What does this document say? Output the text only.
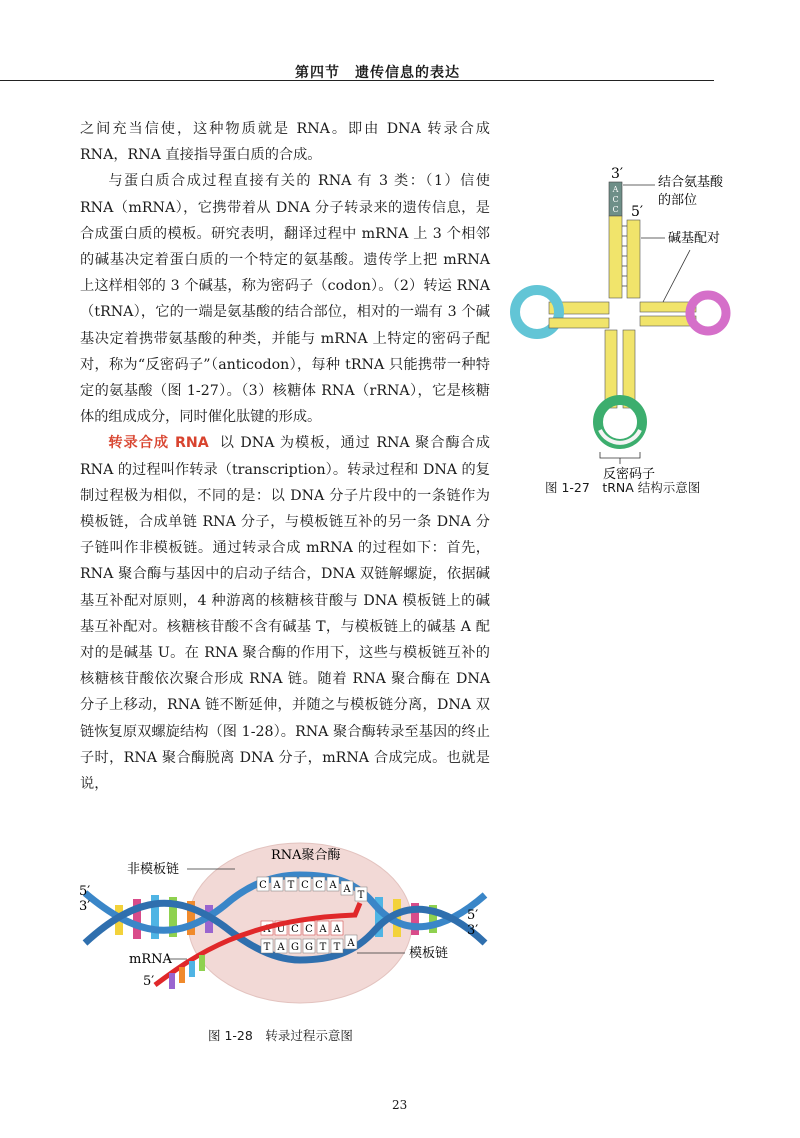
第四节　遗传信息的表达

之间充当信使，这种物质就是 RNA。即由 DNA 转录合成 RNA，RNA 直接指导蛋白质的合成。

与蛋白质合成过程直接有关的 RNA 有 3 类：（1）信使 RNA（mRNA），它携带着从 DNA 分子转录来的遗传信息，是合成蛋白质的模板。研究表明，翻译过程中 mRNA 上 3 个相邻的碱基决定着蛋白质的一个特定的氨基酸。遗传学上把 mRNA 上这样相邻的 3 个碱基，称为密码子（codon）。（2）转运 RNA（tRNA），它的一端是氨基酸的结合部位，相对的一端有 3 个碱基决定着携带氨基酸的种类，并能与 mRNA 上特定的密码子配对，称为“反密码子”（anticodon），每种 tRNA 只能携带一种特定的氨基酸（图 1-27）。（3）核糖体 RNA（rRNA），它是核糖体的组成成分，同时催化肽键的形成。

转录合成 RNA 以 DNA 为模板，通过 RNA 聚合酶合成 RNA 的过程叫作转录（transcription）。转录过程和 DNA 的复制过程极为相似，不同的是：以 DNA 分子片段中的一条链作为模板链，合成单链 RNA 分子，与模板链互补的另一条 DNA 分子链叫作非模板链。通过转录合成 mRNA 的过程如下：首先，RNA 聚合酶与基因中的启动子结合，DNA 双链解螺旋，依据碱基互补配对原则，4 种游离的核糖核苷酸与 DNA 模板链上的碱基互补配对。核糖核苷酸不含有碱基 T，与模板链上的碱基 A 配对的是碱基 U。在 RNA 聚合酶的作用下，这些与模板链互补的核糖核苷酸依次聚合形成 RNA 链。随着 RNA 聚合酶在 DNA 分子上移动，RNA 链不断延伸，并随之与模板链分离，DNA 双链恢复原双螺旋结构（图 1-28）。RNA 聚合酶转录至基因的终止子时，RNA 聚合酶脱离 DNA 分子，mRNA 合成完成。也就是说，

3′
5′
A
C
C
反密码子
结合氨基酸
的部位
碱基配对
图 1-27　tRNA 结构示意图
RNA聚合酶
C A T C C A A
T
T A G G T T A
A U C C A A
非模板链
5′
3′
5′
3′
模板链
mRNA
5′
图 1-28　转录过程示意图
23
